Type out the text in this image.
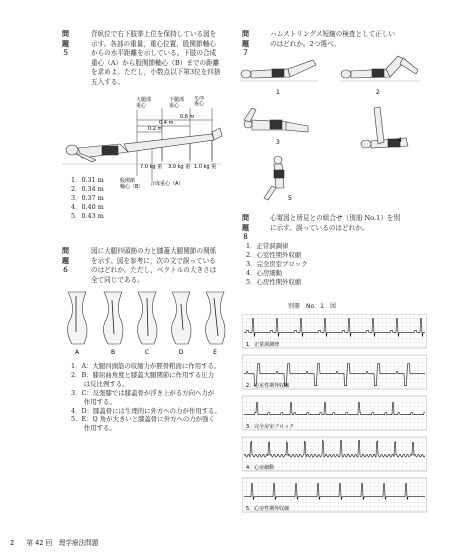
問題５
背臥位で右下肢挙上位を保持している図を
示す。各部の重量，重心位置，股関節軸心
からの水平距離を示している。下肢の合成
重心（A）から股関節軸心（B）までの距離
を求めよ。ただし，小数点以下第3位を四捨
五入する。
大腿部
重心
下腿部
重心
足部
重心
0.6 m
0.4 m
0.2 m
7.0 kg 重 3.0 kg 重 1.0 kg 重
股関節
軸心（B） 合成重心（A）
1．0.31 m
2．0.34 m
3．0.37 m
4．0.40 m
5．0.43 m
問題６
図に大腿四頭筋の力と膝蓋大腿関節の関係
を示す。図を参考に，次の文で誤っている
のはどれか。ただし，ベクトルの大きさは
全て同じである。
A	B	C	D	E
1．A：大腿四頭筋の収縮力が脛骨粗面に作用する。
2．B：膝屈曲角度と膝蓋大腿関節に作用する圧力
　　は反比例する。
3．C：反張膝では膝蓋骨が浮き上がる方向へ力が
　　作用する。
4．D：膝蓋骨には生理的に外方への力が作用する。
5．E：Q 角が大きいと膝蓋骨に外方への力が強く
　　作用する。
問題７
ハムストリングス短縮の検査として正しい
のはどれか。2つ選べ。
1	2
3	4
5
問題８
心電図と所見との組合せ（別冊 No.1）を別
に示す。誤っているのはどれか。
1．正常洞調律
2．心室性期外収縮
3．完全房室ブロック
4．心房細動
5．心房性期外収縮
別冊　No．1　図
1．正常洞調律
2．心室性期外収縮
3．完全房室ブロック
4．心房細動
5．心房性期外収縮
2 第 42 回　理学療法問題
